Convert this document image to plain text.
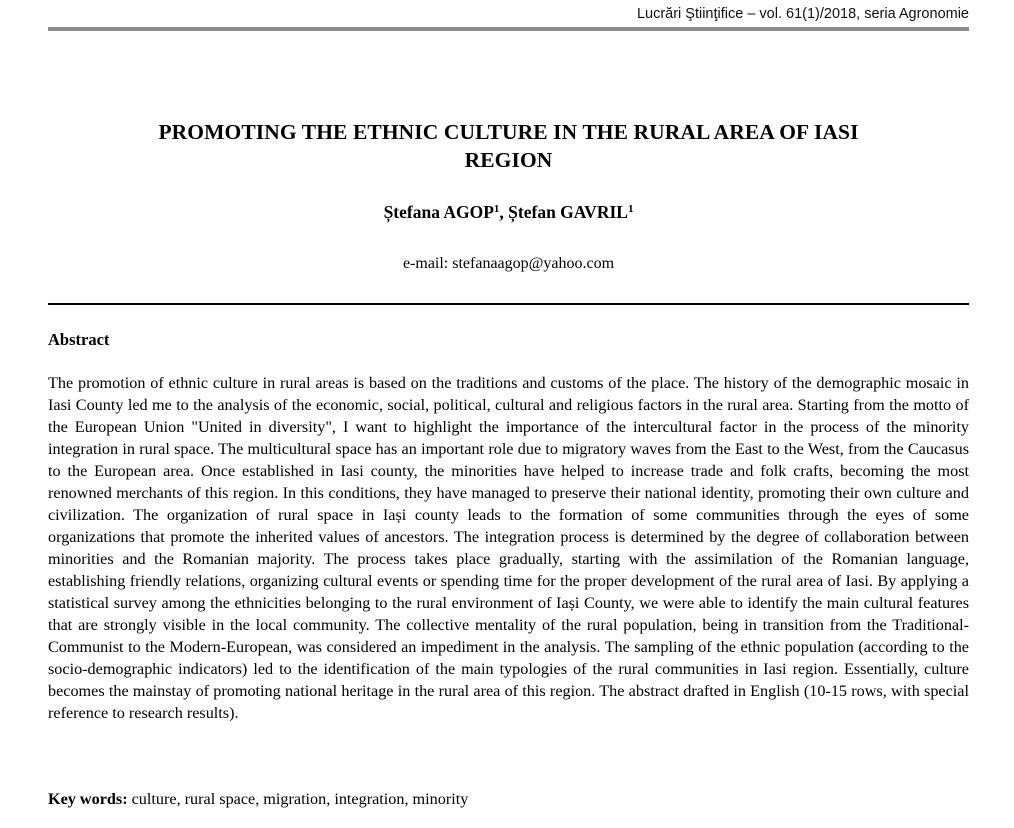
Lucrări Ştiinţifice – vol. 61(1)/2018, seria Agronomie
PROMOTING THE ETHNIC CULTURE IN THE RURAL AREA OF IASI
REGION
Ștefana AGOP$^1$, Ștefan GAVRIL$^1$
e-mail: stefanaagop@yahoo.com
Abstract

The promotion of ethnic culture in rural areas is based on the traditions and customs of the place. The history of the demographic mosaic in Iasi County led me to the analysis of the economic, social, political, cultural and religious factors in the rural area. Starting from the motto of the European Union "United in diversity", I want to highlight the importance of the intercultural factor in the process of the minority integration in rural space. The multicultural space has an important role due to migratory waves from the East to the West, from the Caucasus to the European area. Once established in Iasi county, the minorities have helped to increase trade and folk crafts, becoming the most renowned merchants of this region. In this conditions, they have managed to preserve their national identity, promoting their own culture and civilization. The organization of rural space in Iași county leads to the formation of some communities through the eyes of some organizations that promote the inherited values of ancestors. The integration process is determined by the degree of collaboration between minorities and the Romanian majority. The process takes place gradually, starting with the assimilation of the Romanian language, establishing friendly relations, organizing cultural events or spending time for the proper development of the rural area of Iasi. By applying a statistical survey among the ethnicities belonging to the rural environment of Iași County, we were able to identify the main cultural features that are strongly visible in the local community. The collective mentality of the rural population, being in transition from the Traditional-Communist to the Modern-European, was considered an impediment in the analysis. The sampling of the ethnic population (according to the socio-demographic indicators) led to the identification of the main typologies of the rural communities in Iasi region. Essentially, culture becomes the mainstay of promoting national heritage in the rural area of this region. The abstract drafted in English (10-15 rows, with special reference to research results).

Key words: culture, rural space, migration, integration, minority
